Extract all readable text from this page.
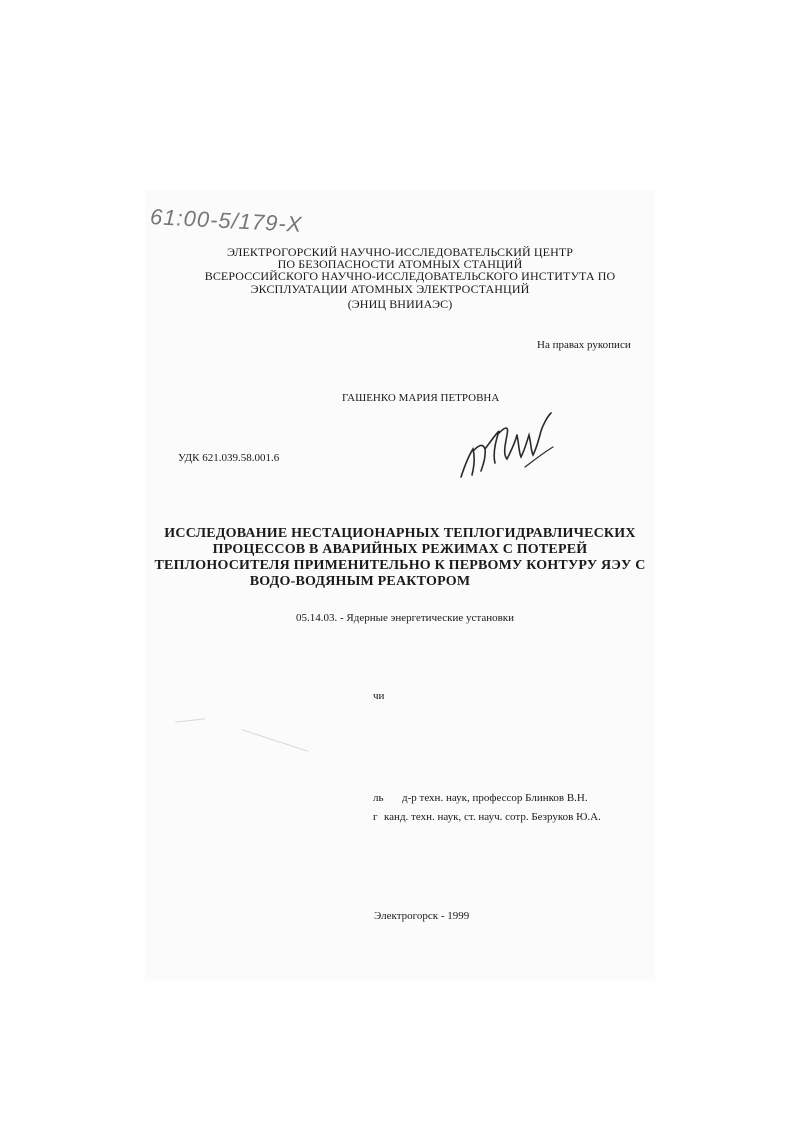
61:00-5/179-Х
ЭЛЕКТРОГОРСКИЙ НАУЧНО-ИССЛЕДОВАТЕЛЬСКИЙ ЦЕНТР
ПО БЕЗОПАСНОСТИ АТОМНЫХ СТАНЦИЙ
ВСЕРОССИЙСКОГО НАУЧНО-ИССЛЕДОВАТЕЛЬСКОГО ИНСТИТУТА ПО
ЭКСПЛУАТАЦИИ АТОМНЫХ ЭЛЕКТРОСТАНЦИЙ
(ЭНИЦ ВНИИАЭС)
На правах рукописи
ГАШЕНКО МАРИЯ ПЕТРОВНА
УДК 621.039.58.001.6
ИССЛЕДОВАНИЕ НЕСТАЦИОНАРНЫХ ТЕПЛОГИДРАВЛИЧЕСКИХ
ПРОЦЕССОВ В АВАРИЙНЫХ РЕЖИМАХ С ПОТЕРЕЙ
ТЕПЛОНОСИТЕЛЯ ПРИМЕНИТЕЛЬНО К ПЕРВОМУ КОНТУРУ ЯЭУ С
ВОДО-ВОДЯНЫМ РЕАКТОРОМ
05.14.03. - Ядерные энергетические установки
чи
ль д-р техн. наук, профессор Блинков В.Н.
г канд. техн. наук, ст. науч. сотр. Безруков Ю.А.
Электрогорск - 1999
